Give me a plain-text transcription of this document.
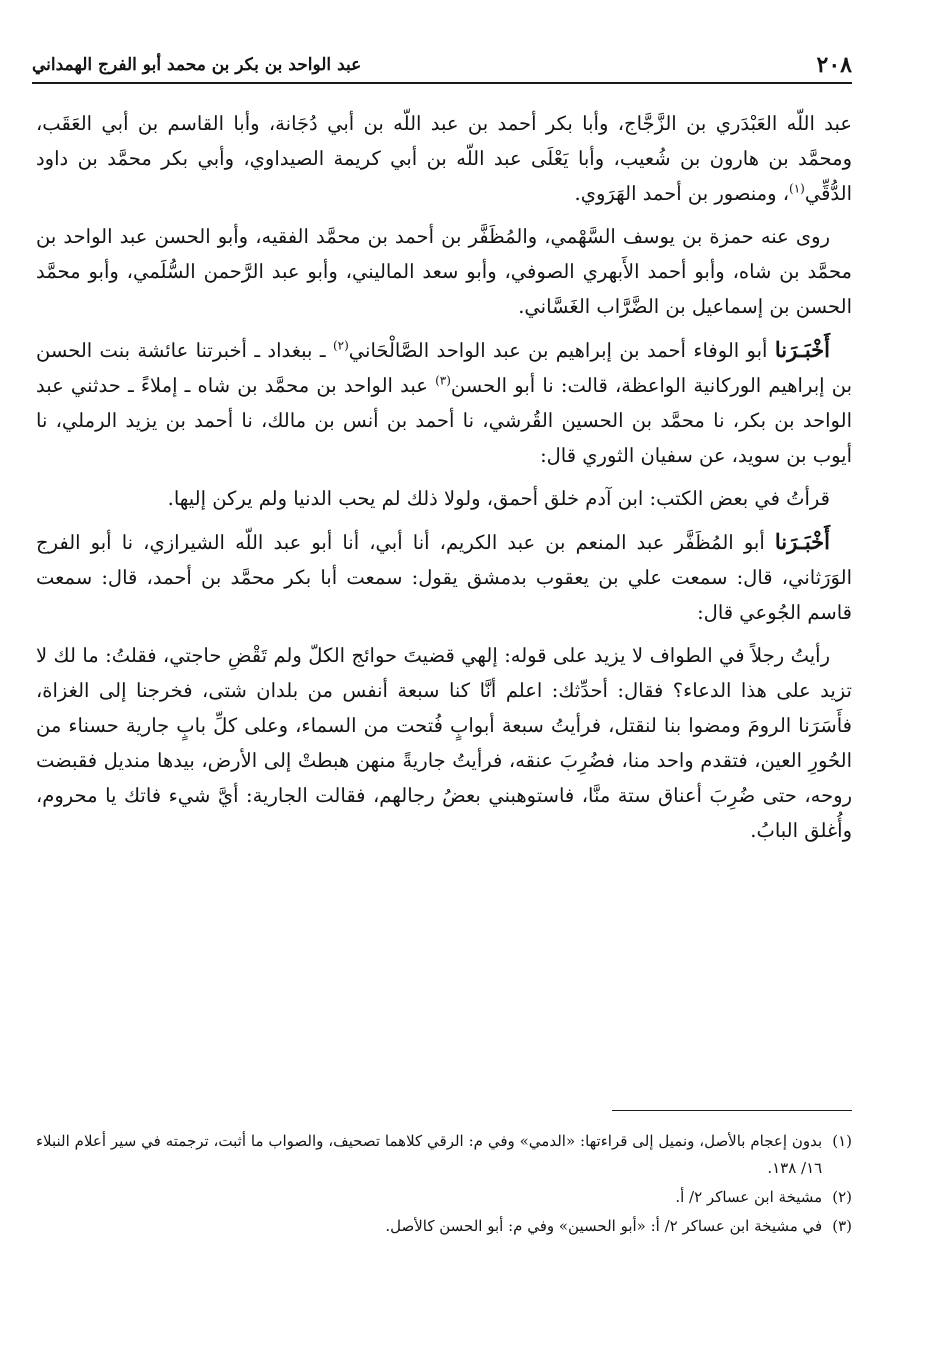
٢٠٨
عبد الواحد بن بكر بن محمد أبو الفرج الهمداني

عبد اللّه العَبْدَري بن الزَّجَّاج، وأبا بكر أحمد بن عبد اللّه بن أبي دُجَانة، وأبا القاسم بن أبي العَقَب، ومحمَّد بن هارون بن شُعيب، وأبا يَعْلَى عبد اللّه بن أبي كريمة الصيداوي، وأبي بكر محمَّد بن داود الدُّقِّي$^{(١)}$، ومنصور بن أحمد الهَرَوي.

روى عنه حمزة بن يوسف السَّهْمي، والمُظَفَّر بن أحمد بن محمَّد الفقيه، وأبو الحسن عبد الواحد بن محمَّد بن شاه، وأبو أحمد الأَبهري الصوفي، وأبو سعد الماليني، وأبو عبد الرَّحمن السُّلَمي، وأبو محمَّد الحسن بن إسماعيل بن الضَّرَّاب الغَسَّاني.

أَخْبَـرَنا أبو الوفاء أحمد بن إبراهيم بن عبد الواحد الصَّالْحَاني$^{(٢)}$ ـ ببغداد ـ أخبرتنا عائشة بنت الحسن بن إبراهيم الوركانية الواعظة، قالت: نا أبو الحسن$^{(٣)}$ عبد الواحد بن محمَّد بن شاه ـ إملاءً ـ حدثني عبد الواحد بن بكر، نا محمَّد بن الحسين القُرشي، نا أحمد بن أنس بن مالك، نا أحمد بن يزيد الرملي، نا أيوب بن سويد، عن سفيان الثوري قال:

قرأتُ في بعض الكتب: ابن آدم خلق أحمق، ولولا ذلك لم يحب الدنيا ولم يركن إليها.

أَخْبَـرَنا أبو المُظَفَّر عبد المنعم بن عبد الكريم، أنا أبي، أنا أبو عبد اللّه الشيرازي، نا أبو الفرج الوَرَثاني، قال: سمعت علي بن يعقوب بدمشق يقول: سمعت أبا بكر محمَّد بن أحمد، قال: سمعت قاسم الجُوعي قال:

رأيتُ رجلاً في الطواف لا يزيد على قوله: إلهي قضيتَ حوائج الكلّ ولم تَقْضِ حاجتي، فقلتُ: ما لك لا تزيد على هذا الدعاء؟ فقال: أحدِّثك: اعلم أنَّا كنا سبعة أنفس من بلدان شتى، فخرجنا إلى الغزاة، فأَسَرَنا الرومَ ومضوا بنا لنقتل، فرأيتُ سبعة أبوابٍ فُتحت من السماء، وعلى كلِّ بابٍ جارية حسناء من الحُورِ العين، فتقدم واحد منا، فضُرِبَ عنقه، فرأيتُ جاريةً منهن هبطتْ إلى الأرض، بيدها منديل فقبضت روحه، حتى ضُرِبَ أعناق ستة منَّا، فاستوهبني بعضُ رجالهم، فقالت الجارية: أيَّ شيء فاتك يا محروم، وأُغلق البابُ.

(١)
بدون إعجام بالأصل، ونميل إلى قراءتها: «الدمي» وفي م: الرقي كلاهما تصحيف، والصواب ما أثبت، ترجمته في سير أعلام النبلاء ١٦/ ١٣٨.
(٢)
مشيخة ابن عساكر ٢/ أ.
(٣)
في مشيخة ابن عساكر ٢/ أ: «أبو الحسين» وفي م: أبو الحسن كالأصل.
